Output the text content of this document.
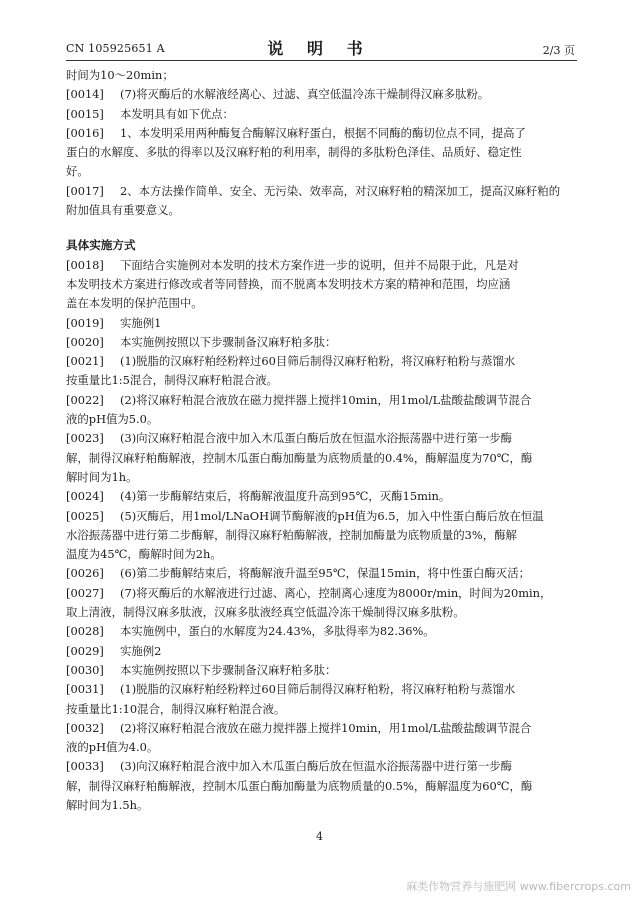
CN 105925651 A	说 明 书	2/3 页
时间为10～20min；
[0014]	(7)将灭酶后的水解液经离心、过滤、真空低温冷冻干燥制得汉麻多肽粉。
[0015]	本发明具有如下优点：
[0016]	1、本发明采用两种酶复合酶解汉麻籽蛋白，根据不同酶的酶切位点不同，提高了
蛋白的水解度、多肽的得率以及汉麻籽粕的利用率，制得的多肽粉色泽佳、品质好、稳定性
好。
[0017]	2、本方法操作简单、安全、无污染、效率高，对汉麻籽粕的精深加工，提高汉麻籽粕的
附加值具有重要意义。
具体实施方式
[0018]	下面结合实施例对本发明的技术方案作进一步的说明，但并不局限于此，凡是对
本发明技术方案进行修改或者等同替换，而不脱离本发明技术方案的精神和范围，均应涵
盖在本发明的保护范围中。
[0019]	实施例1
[0020]	本实施例按照以下步骤制备汉麻籽粕多肽：
[0021]	(1)脱脂的汉麻籽粕经粉粹过60目筛后制得汉麻籽粕粉，将汉麻籽粕粉与蒸馏水
按重量比1:5混合，制得汉麻籽粕混合液。
[0022]	(2)将汉麻籽粕混合液放在磁力搅拌器上搅拌10min，用1mol/L盐酸盐酸调节混合
液的pH值为5.0。
[0023]	(3)向汉麻籽粕混合液中加入木瓜蛋白酶后放在恒温水浴振荡器中进行第一步酶
解，制得汉麻籽粕酶解液，控制木瓜蛋白酶加酶量为底物质量的0.4%，酶解温度为70℃，酶
解时间为1h。
[0024]	(4)第一步酶解结束后，将酶解液温度升高到95℃，灭酶15min。
[0025]	(5)灭酶后，用1mol/LNaOH调节酶解液的pH值为6.5，加入中性蛋白酶后放在恒温
水浴振荡器中进行第二步酶解，制得汉麻籽粕酶解液，控制加酶量为底物质量的3%，酶解
温度为45℃，酶解时间为2h。
[0026]	(6)第二步酶解结束后，将酶解液升温至95℃，保温15min，将中性蛋白酶灭活；
[0027]	(7)将灭酶后的水解液进行过滤、离心，控制离心速度为8000r/min，时间为20min，
取上清液，制得汉麻多肽液，汉麻多肽液经真空低温冷冻干燥制得汉麻多肽粉。
[0028]	本实施例中，蛋白的水解度为24.43%，多肽得率为82.36%。
[0029]	实施例2
[0030]	本实施例按照以下步骤制备汉麻籽粕多肽：
[0031]	(1)脱脂的汉麻籽粕经粉粹过60目筛后制得汉麻籽粕粉，将汉麻籽粕粉与蒸馏水
按重量比1:10混合，制得汉麻籽粕混合液。
[0032]	(2)将汉麻籽粕混合液放在磁力搅拌器上搅拌10min，用1mol/L盐酸盐酸调节混合
液的pH值为4.0。
[0033]	(3)向汉麻籽粕混合液中加入木瓜蛋白酶后放在恒温水浴振荡器中进行第一步酶
解，制得汉麻籽粕酶解液，控制木瓜蛋白酶加酶量为底物质量的0.5%，酶解温度为60℃，酶
解时间为1.5h。
4
麻类作物营养与施肥网 www.fibercrops.com
